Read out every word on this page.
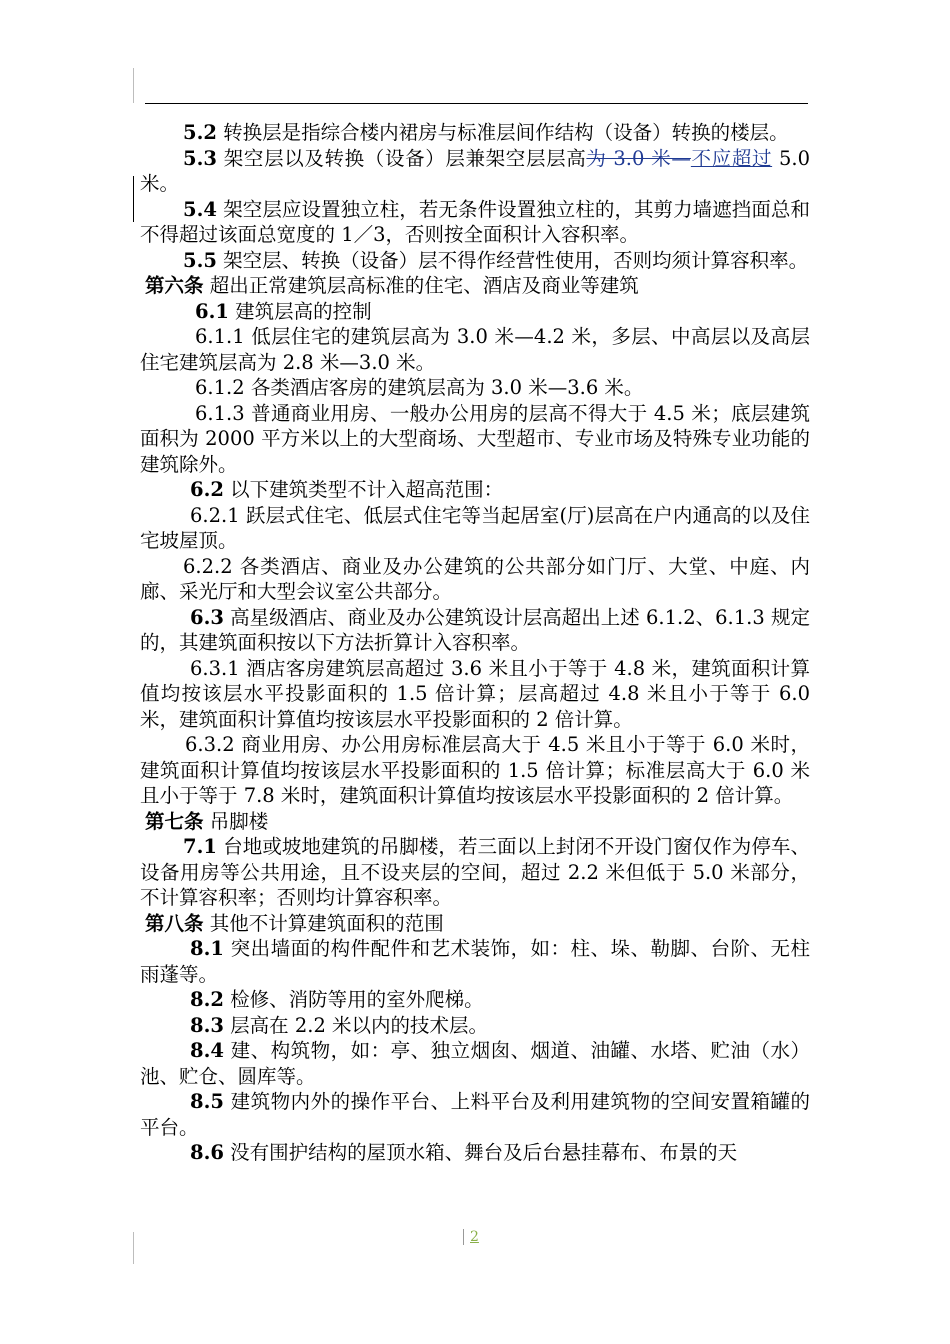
5.2 转换层是指综合楼内裙房与标准层间作结构（设备）转换的楼层。

5.3 架空层以及转换（设备）层兼架空层层高为 3.0 米—不应超过 5.0 米。

5.4 架空层应设置独立柱，若无条件设置独立柱的，其剪力墙遮挡面总和不得超过该面总宽度的 1／3，否则按全面积计入容积率。

5.5 架空层、转换（设备）层不得作经营性使用，否则均须计算容积率。

第六条 超出正常建筑层高标准的住宅、酒店及商业等建筑

6.1 建筑层高的控制

6.1.1 低层住宅的建筑层高为 3.0 米—4.2 米，多层、中高层以及高层住宅建筑层高为 2.8 米—3.0 米。

6.1.2 各类酒店客房的建筑层高为 3.0 米—3.6 米。

6.1.3 普通商业用房、一般办公用房的层高不得大于 4.5 米；底层建筑面积为 2000 平方米以上的大型商场、大型超市、专业市场及特殊专业功能的建筑除外。

6.2 以下建筑类型不计入超高范围：

6.2.1 跃层式住宅、低层式住宅等当起居室(厅)层高在户内通高的以及住宅坡屋顶。

6.2.2 各类酒店、商业及办公建筑的公共部分如门厅、大堂、中庭、内廊、采光厅和大型会议室公共部分。

6.3 高星级酒店、商业及办公建筑设计层高超出上述 6.1.2、6.1.3 规定的，其建筑面积按以下方法折算计入容积率。

6.3.1 酒店客房建筑层高超过 3.6 米且小于等于 4.8 米，建筑面积计算值均按该层水平投影面积的 1.5 倍计算；层高超过 4.8 米且小于等于 6.0 米，建筑面积计算值均按该层水平投影面积的 2 倍计算。

6.3.2 商业用房、办公用房标准层高大于 4.5 米且小于等于 6.0 米时，建筑面积计算值均按该层水平投影面积的 1.5 倍计算；标准层高大于 6.0 米且小于等于 7.8 米时，建筑面积计算值均按该层水平投影面积的 2 倍计算。

第七条 吊脚楼

7.1 台地或坡地建筑的吊脚楼，若三面以上封闭不开设门窗仅作为停车、设备用房等公共用途，且不设夹层的空间，超过 2.2 米但低于 5.0 米部分，不计算容积率；否则均计算容积率。

第八条 其他不计算建筑面积的范围

8.1 突出墙面的构件配件和艺术装饰，如：柱、垛、勒脚、台阶、无柱雨蓬等。

8.2 检修、消防等用的室外爬梯。

8.3 层高在 2.2 米以内的技术层。

8.4 建、构筑物，如：亭、独立烟囱、烟道、油罐、水塔、贮油（水）池、贮仓、圆库等。

8.5 建筑物内外的操作平台、上料平台及利用建筑物的空间安置箱罐的平台。

8.6 没有围护结构的屋顶水箱、舞台及后台悬挂幕布、布景的天

2
